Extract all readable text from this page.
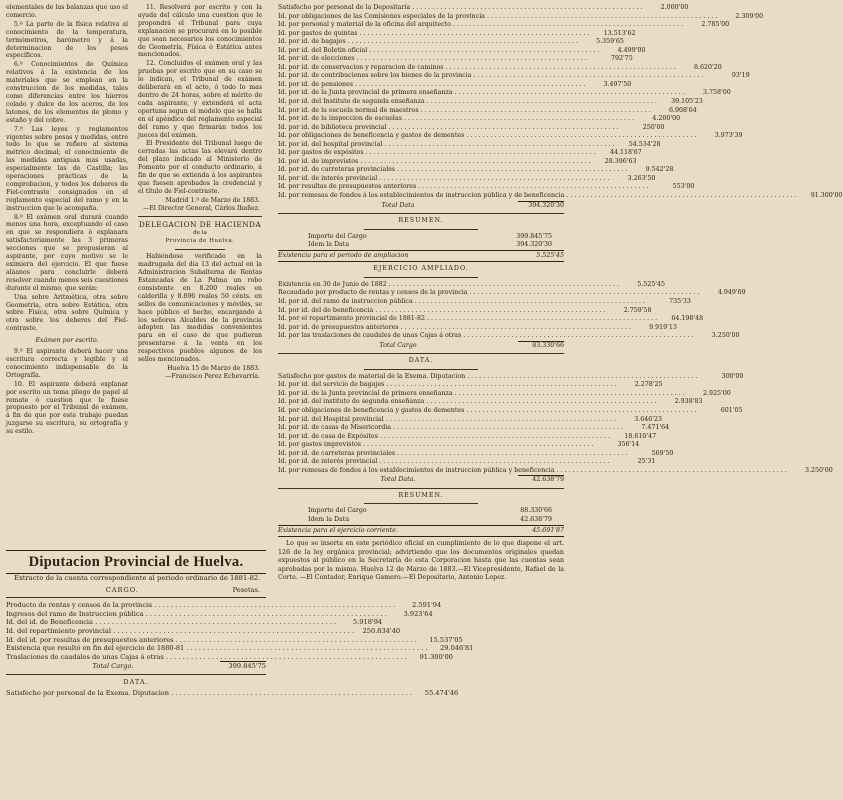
elementales de las balanzas que uso el comercio.

5.º La parte de la física relativa al conocimiento de la temperatura, termómetros, barómetro y á la determinacion de los pesos específicos.

6.º Conocimientos de Química relativos á la existencia de los materiales que se emplean en la construccion de los medidas, tales como diferencias entre los hierros colado y dulce de los aceros, de los latones, de los elementos de plomo y estaño y del cobre.

7.º Las leyes y reglamentos vigentes sobre pesas y medidas, entre todo lo que se refiere al sistema métrico decimal; el conocimiento de las medidas antiguas mas usadas, especialmente las de Castilla; las operaciones prácticas de la comprobacion, y todos los deberes de Fiel-contraste consignados en el reglamento especial del ramo y en la instruccion que le acompaña.

8.º El exámen oral durará cuando menos una hora, exceptuando el caso en que se respondiera ó explanara satisfactoriamente las 3 primeras secciones que se propusieran al aspirante, por cuyo motivo se le eximiera del ejercicio. El que fuese aláanos para concluirle deberá resolver cuando menos seis cuestiones durante el mismo, que serán:

Una sobre Aritmética, otra sobre Geometría, otra sobre Estática, otra sobre Física, otra sobre Química y otra sobre los deberes del Fiel-contraste.

Exámen por escrito.

9.º El aspirante deberá hacer una escritura correcta y legible y el conocimiento indispensable de la Ortografía.

10. El aspirante deberá explanar por escrito un tema pliego de papel al remate ó cuestion que le fuese propuesto por el Tribunal de exámen, á fin de que por este trabajo puedan juzgarse su escritura, su ortografía y su estilo.

11. Resolverá por escrito y con la ayuda del cálculo una cuestion que le propondrá el Tribunal para cuya explanacion se procurará en lo posible que sean necesarios los conocimientos de Geometría, Física ó Estática antes mencionados.

12. Concluidos el exámen oral y las pruebas por escrito que en su caso se le indican, el Tribunal de exámen deliberará en el acto, ó todo lo mas dentro de 24 horas, sobre el mérito de cada aspirante, y extenderá el acta oportuna segun el modelo que se halla en el apéndice del reglamento especial del ramo y que firmarán todos los jueces del exámen.

El Presidente del Tribunal luego de cerradas las actas las elevará dentro del plazo indicado al Ministerio de Fomento por el conducto ordinario, á fin de que se extienda á los aspirantes que fuesen aprobados la credencial y el título de Fiel-contraste.

Madrid 1.º de Marzo de 1883.

—El Director General, Cárlos Ibañez.

DELEGACION DE HACIENDA

de la

Provincia de Huelva.

Habiéndose verificado en la madrugada del dia 13 del actual en la Administracion Subalterna de Rentas Estancadas de La Palma un robo consistente en 8.200 reales en calderilla y 8.896 reales 50 cénts. en sellos de comunicaciones y móviles, se hace público el hecho, encargando á los señores Alcaldes de la provincia adopten las medidas convenientes para en el caso de que pudieran presentarse á la venta en los respectivos pueblos algunos de los sellos mencionados.

Huelva 15 de Marzo de 1883.

—Francisco Perez Echevarría.

Diputacion Provincial de Huelva.

Extracto de la cuenta correspondiente al periodo ordinario de 1881-82.

CARGO.	Pesetas.
Producto de rentas y censos de la provincia . . .	2.591'94
Ingresos del ramo de Instruccion pública . . .	3.923'64
Id. del id. de Beneficencia . . .	5.918'94
Id. del repartimiento provincial . . .	250.834'40
Id. del id. por resultas de presupuestos anteriores . . .	15.537'05
Existencia que resultó en fin del ejercicio de 1880-81 . . .	29.046'81
Traslaciones de caudales de unas Cajas á otras . . .	91.300'00
Total Cargo.	399.845'75

DATA.

Satisfecho por personal de la Exema. Diputacion . . .	55.474'46
Satisfecho por personal de la Depositaría . . .	2.000'00
Id. por obligaciones de las Comisiones especiales de la provincia . . .	2.309'00
Id. por personal y material de la oficina del arquitecto . . .	2.785'00
Id. por gastos de quintas . . .	13.513'62
Id. por id. de bagajes . . .	5.359'65
Id. por id. del Boletin oficial . . .	4.499'00
Id. por id. de elecciones . . .	792'75
Id. por id. de conservacion y reparacion de caminos . . .	8.620'20
Id. por id. de contribuciones sobre los bienes de la provincia . . .	93'19
Id. por id. de pensiones . . .	3.497'50
Id. por id. de la Junta provincial de primera enseñanza . . .	3.758'00
Id. por id. del Instituto de segunda enseñanza . . .	39.105'23
Id. por id. de la escuela normal de maestros . . .	6.908'64
Id. por id. de la inspeccion de escuelas . . .	4.200'00
Id. por id. de biblioteca provincial . . .	250'00
Id. por obligaciones de beneficencia y gastos de dementes . . .	3.973'39
Id. por id. del hospital provincial . . .	54.534'28
Id. por gastos de expósitos . . .	44.118'67
Id. por id. de imprevistos . . .	28.396'63
Id. por id. de carreteras provinciales . . .	9.542'28
Id. por id. de interés provincial . . .	3.263'50
Id. por resultas de presupuestos anteriores . . .	553'00
Id. por remesas de fondos á los establecimientos de instruccion pública y de beneficencia . . .	91.300'00
Total Data	394.320'30

RESUMEN.

Importe del Cargo	399.845'75
Idem la Data	394.320'30
Existencia para el periodo de ampliacion	5.525'45

EJERCICIO AMPLIADO.

Existencia en 30 de Junio de 1882 . . .	5.525'45
Recaudado por producto de rentas y censos de la provincia . . .	4.949'69
Id. por id. del ramo de instruccion pública . . .	735'33
Id. por id. del de beneficencia . . .	2.759'58
Id. por el repartimiento provincial de 1881-82 . . .	64.198'48
Id. por id. de presupuestos anteriores . . .	9.919'13
Id. por las traslaciones de caudales de unas Cajas á otras . . .	3.250'00
Total Cargo	83.330'66

DATA.

Satisfecho por gastos de material de la Exema. Diputacion . . .	300'00
Id. por id. del servicio de bagajes . . .	2.278'25
Id. por id. de la Junta provincial de primera enseñanza . . .	2.925'00
Id. por id. del instituto de segunda enseñanza . . .	2.938'83
Id. por obligaciones de beneficencia y gastos de dementes . . .	601'05
Id. por id. del Hospital provincial . . .	3.646'23
Id. por id. de casas de Misericordia . . .	7.471'64
Id. por id. de casa de Expósitos . . .	18.610'47
Id. por gastos imprevistos . . .	356'14
Id. por id. de carreteras provinciales . . .	569'50
Id. por id. de interés provincial . . .	25'31
Id. por remesas de fondos á los establecimientos de instruccion pública y beneficencia . . .	3.250'00
Total Data.	42.638'79

RESUMEN.

Importe del Cargo	88.330'66
Idem la Data	42.638'79
Existencia para el ejercicio corriente.	45.691'87

Lo que se inserta en este periódico oficial en cumplimiento de lo que dispone el art. 126 de la ley orgánica provincial; advirtiendo que los documentos originales quedan expuestos al público en la Secretaría de esta Corporacion hasta que las cuentas sean aprobadas por la misma. Huelva 12 de Marzo de 1883.—El Vicepresidente, Rafael de la Corte. —El Contador, Enrique Gamero.—El Depositario, Antonio Lopez.
